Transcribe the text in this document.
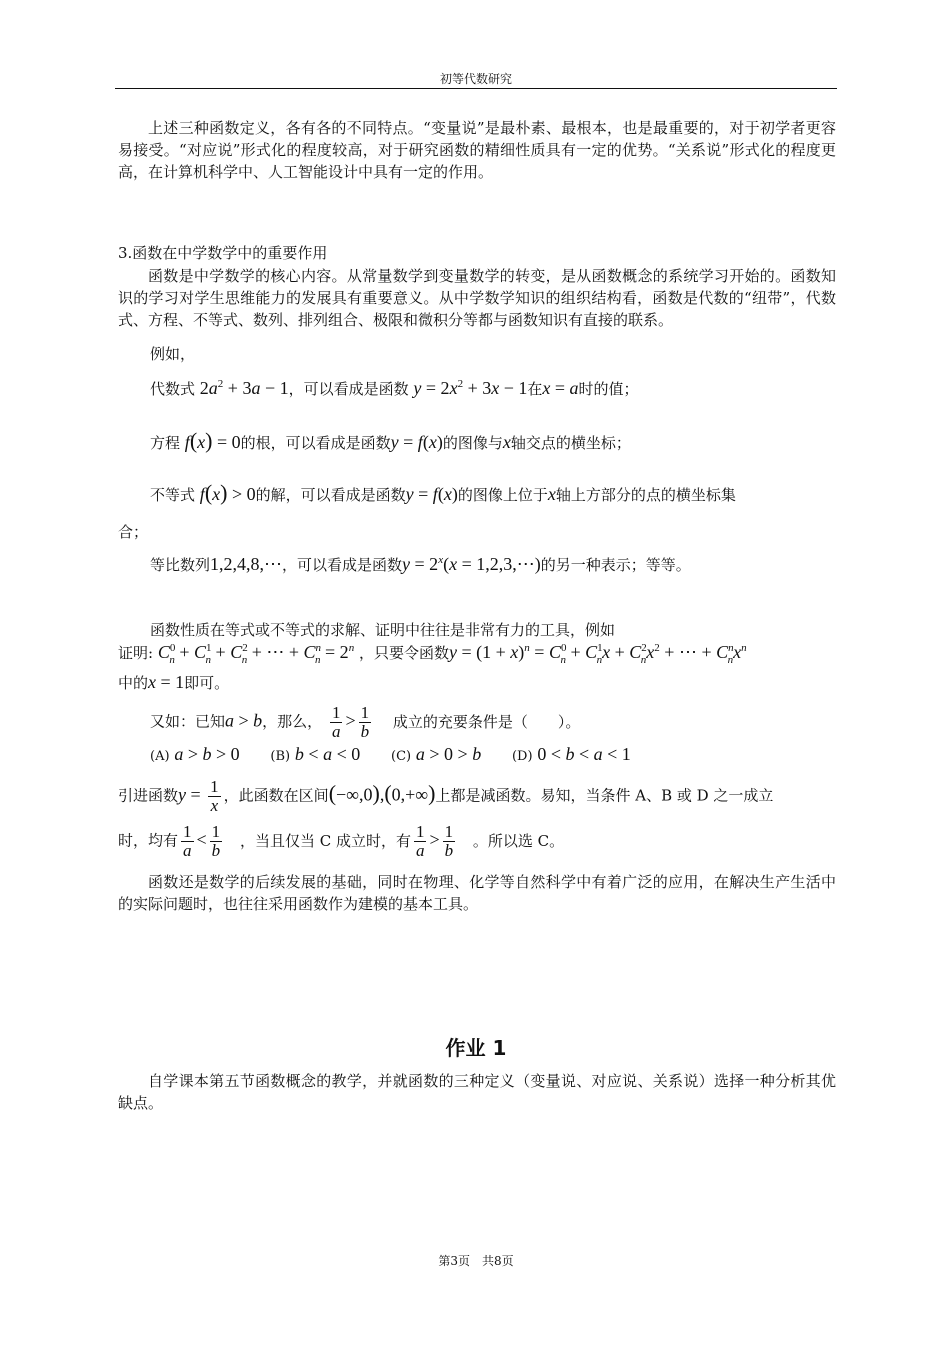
初等代数研究

上述三种函数定义，各有各的不同特点。“变量说”是最朴素、最根本，也是最重要的，对于初学者更容易接受。“对应说”形式化的程度较高，对于研究函数的精细性质具有一定的优势。“关系说”形式化的程度更高，在计算机科学中、人工智能设计中具有一定的作用。

3.函数在中学数学中的重要作用

函数是中学数学的核心内容。从常量数学到变量数学的转变，是从函数概念的系统学习开始的。函数知识的学习对学生思维能力的发展具有重要意义。从中学数学知识的组织结构看，函数是代数的“纽带”，代数式、方程、不等式、数列、排列组合、极限和微积分等都与函数知识有直接的联系。

例如，
代数式 $2a^2 + 3a - 1$，可以看成是函数 $y = 2x^2 + 3x - 1$在x = a时的值；
方程 f(x) = 0的根，可以看成是函数y = f(x)的图像与x轴交点的横坐标；
不等式 f(x) > 0的解，可以看成是函数y = f(x)的图像上位于x轴上方部分的点的横坐标集
合；
等比数列1,2,4,8,⋯，可以看成是函数$y = 2^x(x$ = 1,2,3,⋯)的另一种表示；等等。
函数性质在等式或不等式的求解、证明中往往是非常有力的工具，例如
证明: $C^0_n + C^1_n + C^2_n$ + ⋯ + $C^n_n = 2^n$ ，只要令函数$y = (1 + x)^n = C^0_n + C^1_nx + C^2_nx^2$ + ⋯ + $C^n_nx^n$
中的x = 1即可。
又如：已知a > b，那么， $\frac{1}{a} > \frac{1}{b}$ 成立的充要条件是（　　）。
(A) a > b > 0 (B) b < a < 0 (C) a > 0 > b (D) 0 < b < a < 1
引进函数$y = \frac{1}{x}$ ，此函数在区间(−∞,0),(0,+∞)上都是减函数。易知，当条件 A、B 或 D 之一成立
时，均有 $\frac{1}{a} < \frac{1}{b}$ ，当且仅当 C 成立时，有 $\frac{1}{a} > \frac{1}{b}$ 。所以选 C。

函数还是数学的后续发展的基础，同时在物理、化学等自然科学中有着广泛的应用，在解决生产生活中的实际问题时，也往往采用函数作为建模的基本工具。

作业 1

自学课本第五节函数概念的教学，并就函数的三种定义（变量说、对应说、关系说）选择一种分析其优缺点。

第3页　共8页
